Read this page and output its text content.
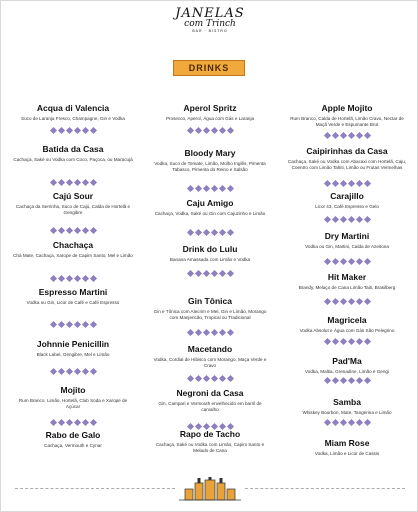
JANELAS
com Trinch
BAR · BISTRO
DRINKS
Acqua di Valencia
Suco de Laranja Fresco, Champagne, Gin e Vodka
Batida da Casa
Cachaça, Saké ou Vodka com Coco, Paçoca, ou Maracujá
Cajú Sour
Cachaça da Serrinha, Suco de Cajú, Calda de Hortelã e Gengibre
Chachaça
Chá Mate, Cachaça, Xarope de Capim Santo, Mel e Limão
Espresso Martini
Vodka ou Gin, Licor de Café e Café Espresso
Johnnie Penicillin
Black Label, Gengibre, Mel e Limão
Mojito
Rum Branco, Limão, Hortelã, Club Soda e Xarope de Açúcar
Rabo de Galo
Cachaça, Vermouth e Cynar
Aperol Spritz
Prosecco, Aperol, Água com Gás e Laranja
Bloody Mary
Vodka, Suco de Tomate, Limão, Molho Inglês, Pimenta Tabasco, Pimenta do Reino e Salsão
Caju Amigo
Cachaça, Vodka, Saké ou Gin com Cajuzinho e Limão
Drink do Lulu
Banana Amassada com Limão e Vodka
Gin Tônica
Gin e Tônica com Alecrim e Mel, Gin e Limão, Morango com Manjericão, Tropical ou Tradicional
Macetando
Vodka, Cordial de Hibisco com Morango, Maça Verde e Cravo
Negroni da Casa
Gin, Campari e Vermouth envelhecido em barril de carvalho
Rapo de Tacho
Cachaça, Saké ou Vodka com Limão, Capim Santo e Melado de Cana
Apple Mojito
Rum Branco, Calda de Hortelã, Limão Cravo, Nectar de Maçã Verde e Espumante Brut
Caipirinhas da Casa
Cachaça, Saké ou Vodka com Abacaxi com Hortelã, Caju, Coentro com Limão Tahiti, Limão ou Frutas Vermelhas
Carajillo
Licor 43, Café Espresso e Gelo
Dry Martini
Vodka ou Gin, Martini, Calda de Azeitona
Hit Maker
Brandy, Melaço de Cana Limão Taiti, Brasilberg
Magricela
Vodka Absolut e Água com Gás São Pelegrino
Pad'Ma
Vodka, Maltia, Grenadine, Limão e Gengi
Samba
Whiskey Bourbon, Mate, Tangerina e Limão
Miam Rose
Vodka, Limão e Licor de Cassis
